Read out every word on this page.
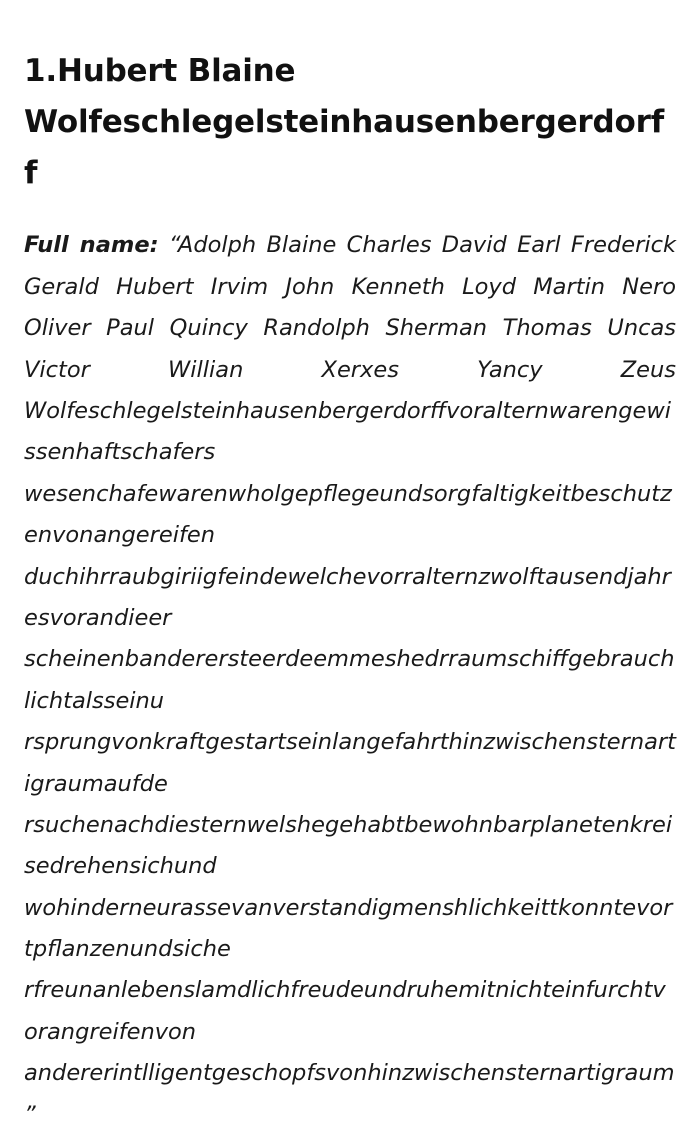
1.Hubert Blaine Wolfeschlegelsteinhausenbergerdorff

Full name: “Adolph Blaine Charles David Earl Frederick Gerald Hubert Irvim John Kenneth Loyd Martin Nero Oliver Paul Quincy Randolph Sherman Thomas Uncas Victor Willian Xerxes Yancy Zeus Wolfeschlegelsteinhausenbergerdorffvoralternwarengewissenhaftschafers wesenchafewarenwholgepflegeundsorgfaltigkeitbeschutzenvonangereifen duchihrraubgiriigfeindewelchevorralternzwolftausendjahresvorandieer scheinenbanderersteerdeemmeshedrraumschiffgebrauchlichtalsseinu rsprungvonkraftgestartseinlangefahrthinzwischensternartigraumaufde rsuchenachdiesternwelshegehabtbewohnbarplanetenkreisedrehensichund wohinderneurassevanverstandigmenshlichkeittkonntevortpflanzenundsiche rfreunanlebenslamdlichfreudeundruhemitnichteinfurchtvorangreifenvon andererintlligentgeschopfsvonhinzwischensternartigraum”
